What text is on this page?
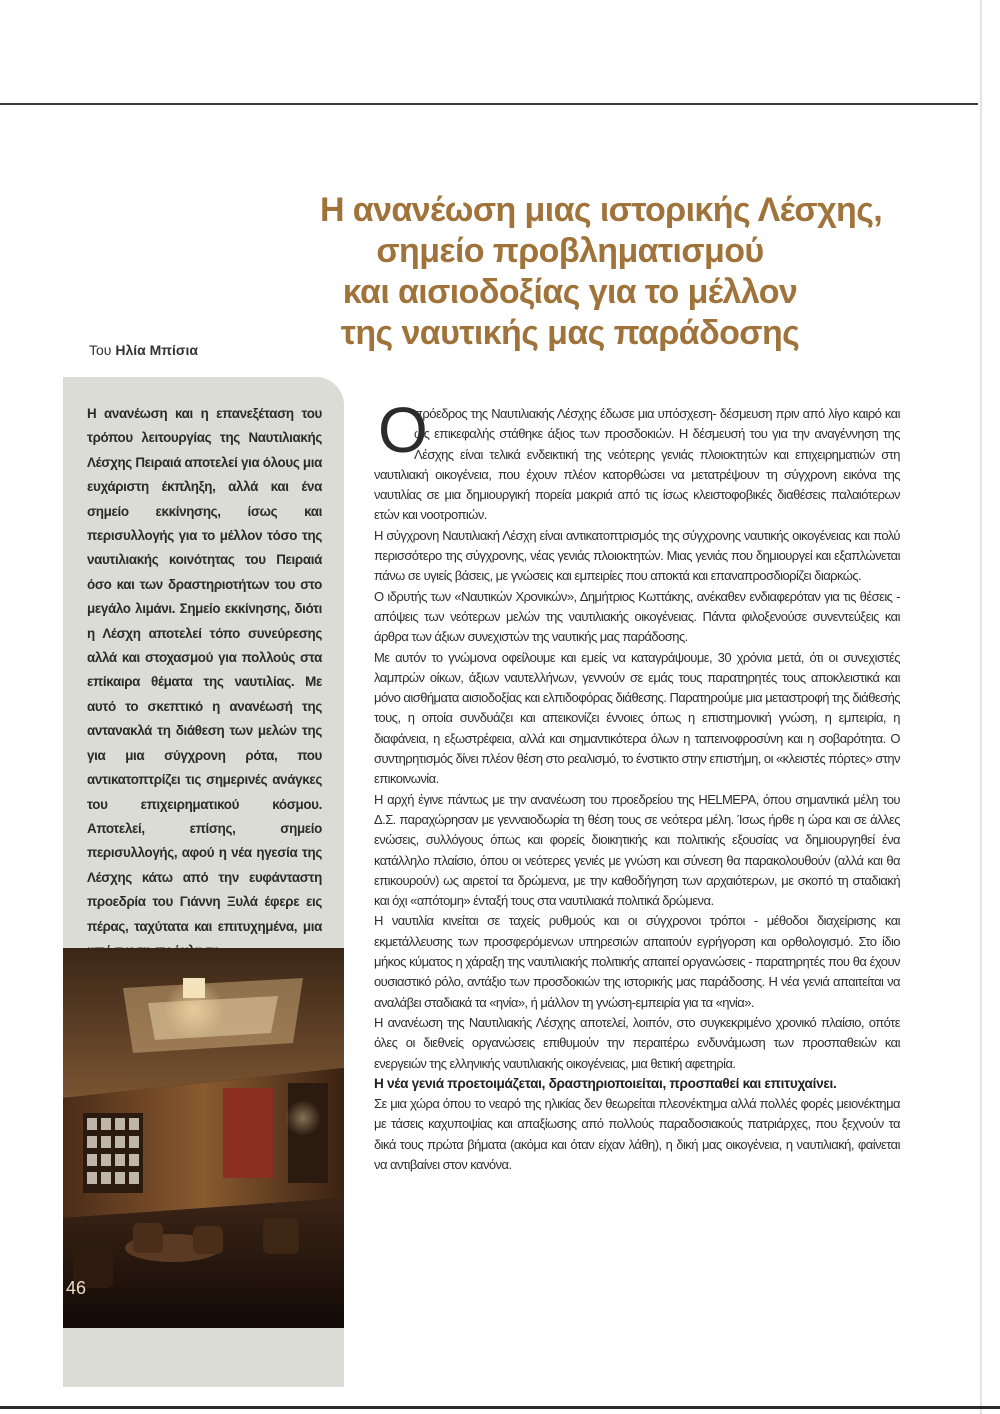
Η ανανέωση μιας ιστορικής Λέσχης,
σημείο προβληματισμού
και αισιοδοξίας για το μέλλον
της ναυτικής μας παράδοσης
Του Ηλία Μπίσια

Η ανανέωση και η επανεξέταση του τρόπου λειτουργίας της Ναυτιλιακής Λέσχης Πειραιά αποτελεί για όλους μια ευχάριστη έκπληξη, αλλά και ένα σημείο εκκίνησης, ίσως και περισυλλογής για το μέλλον τόσο της ναυτιλιακής κοινότητας του Πειραιά όσο και των δραστηριοτήτων του στο μεγάλο λιμάνι. Σημείο εκκίνησης, διότι η Λέσχη αποτελεί τόπο συνεύρεσης αλλά και στοχασμού για πολλούς στα επίκαιρα θέματα της ναυτιλίας. Με αυτό το σκεπτικό η ανανέωσή της αντανακλά τη διάθεση των μελών της για μια σύγχρονη ρότα, που αντικατοπτρίζει τις σημερινές ανάγκες του επιχειρηματικού κόσμου. Αποτελεί, επίσης, σημείο περισυλλογής, αφού η νέα ηγεσία της Λέσχης κάτω από την ευφάνταστη προεδρία του Γιάννη Ξυλά έφερε εις πέρας, ταχύτατα και επιτυχημένα, μια

46
Ο

πρόεδρος της Ναυτιλιακής Λέσχης έδωσε μια υπόσχεση- δέσμευση πριν από λίγο καιρό και ως επικεφαλής στάθηκε άξιος των προσδοκιών. Η δέσμευσή του για την αναγέννηση της Λέσχης είναι τελικά ενδεικτική της νεότερης γενιάς πλοιοκτητών και επιχειρηματιών στη ναυτιλιακή οικογένεια, που έχουν πλέον κατορθώσει να μετατρέψουν τη σύγχρονη εικόνα της ναυτιλίας σε μια δημιουργική πορεία μακριά από τις ίσως κλειστοφοβικές διαθέσεις παλαιότερων ετών και νοοτροπιών.

Η σύγχρονη Ναυτιλιακή Λέσχη είναι αντικατοπτρισμός της σύγχρονης ναυτικής οικογένειας και πολύ περισσότερο της σύγχρονης, νέας γενιάς πλοιοκτητών. Μιας γενιάς που δημιουργεί και εξαπλώνεται πάνω σε υγιείς βάσεις, με γνώσεις και εμπειρίες που αποκτά και επαναπροσδιορίζει διαρκώς.

Ο ιδρυτής των «Ναυτικών Χρονικών», Δημήτριος Κωττάκης, ανέκαθεν ενδιαφερόταν για τις θέσεις - απόψεις των νεότερων μελών της ναυτιλιακής οικογένειας. Πάντα φιλοξενούσε συνεντεύξεις και άρθρα των άξιων συνεχιστών της ναυτικής μας παράδοσης.

Με αυτόν το γνώμονα οφείλουμε και εμείς να καταγράψουμε, 30 χρόνια μετά, ότι οι συνεχιστές λαμπρών οίκων, άξιων ναυτελλήνων, γεννούν σε εμάς τους παρατηρητές τους αποκλειστικά και μόνο αισθήματα αισιοδοξίας και ελπιδοφόρας διάθεσης. Παρατηρούμε μια μεταστροφή της διάθεσής τους, η οποία συνδυάζει και απεικονίζει έννοιες όπως η επιστημονική γνώση, η εμπειρία, η διαφάνεια, η εξωστρέφεια, αλλά και σημαντικότερα όλων η ταπεινοφροσύνη και η σοβαρότητα. Ο συντηρητισμός δίνει πλέον θέση στο ρεαλισμό, το ένστικτο στην επιστήμη, οι «κλειστές πόρτες» στην επικοινωνία.

Η αρχή έγινε πάντως με την ανανέωση του προεδρείου της HELMEPA, όπου σημαντικά μέλη του Δ.Σ. παραχώρησαν με γενναιοδωρία τη θέση τους σε νεότερα μέλη. Ίσως ήρθε η ώρα και σε άλλες ενώσεις, συλλόγους όπως και φορείς διοικητικής και πολιτικής εξουσίας να δημιουργηθεί ένα κατάλληλο πλαίσιο, όπου οι νεότερες γενιές με γνώση και σύνεση θα παρακολουθούν (αλλά και θα επικουρούν) ως αιρετοί τα δρώμενα, με την καθοδήγηση των αρχαιότερων, με σκοπό τη σταδιακή και όχι «απότομη» ένταξή τους στα ναυτιλιακά πολιτικά δρώμενα.

Η ναυτιλία κινείται σε ταχείς ρυθμούς και οι σύγχρονοι τρόποι - μέθοδοι διαχείρισης και εκμετάλλευσης των προσφερόμενων υπηρεσιών απαιτούν εγρήγορση και ορθολογισμό. Στο ίδιο μήκος κύματος η χάραξη της ναυτιλιακής πολιτικής απαιτεί οργανώσεις - παρατηρητές που θα έχουν ουσιαστικό ρόλο, αντάξιο των προσδοκιών της ιστορικής μας παράδοσης. Η νέα γενιά απαιτείται να αναλάβει σταδιακά τα «ηνία», ή μάλλον τη γνώση-εμπειρία για τα «ηνία».

Η ανανέωση της Ναυτιλιακής Λέσχης αποτελεί, λοιπόν, στο συγκεκριμένο χρονικό πλαίσιο, οπότε όλες οι διεθνείς οργανώσεις επιθυμούν την περαιτέρω ενδυνάμωση των προσπαθειών και ενεργειών της ελληνικής ναυτιλιακής οικογένειας, μια θετική αφετηρία.

Η νέα γενιά προετοιμάζεται, δραστηριοποιείται, προσπαθεί και επιτυχαίνει.

Σε μια χώρα όπου το νεαρό της ηλικίας δεν θεωρείται πλεονέκτημα αλλά πολλές φορές μειονέκτημα με τάσεις καχυποψίας και απαξίωσης από πολλούς παραδοσιακούς πατριάρχες, που ξεχνούν τα δικά τους πρώτα βήματα (ακόμα και όταν είχαν λάθη), η δική μας οικογένεια, η ναυτιλιακή, φαίνεται να αντιβαίνει στον κανόνα.
